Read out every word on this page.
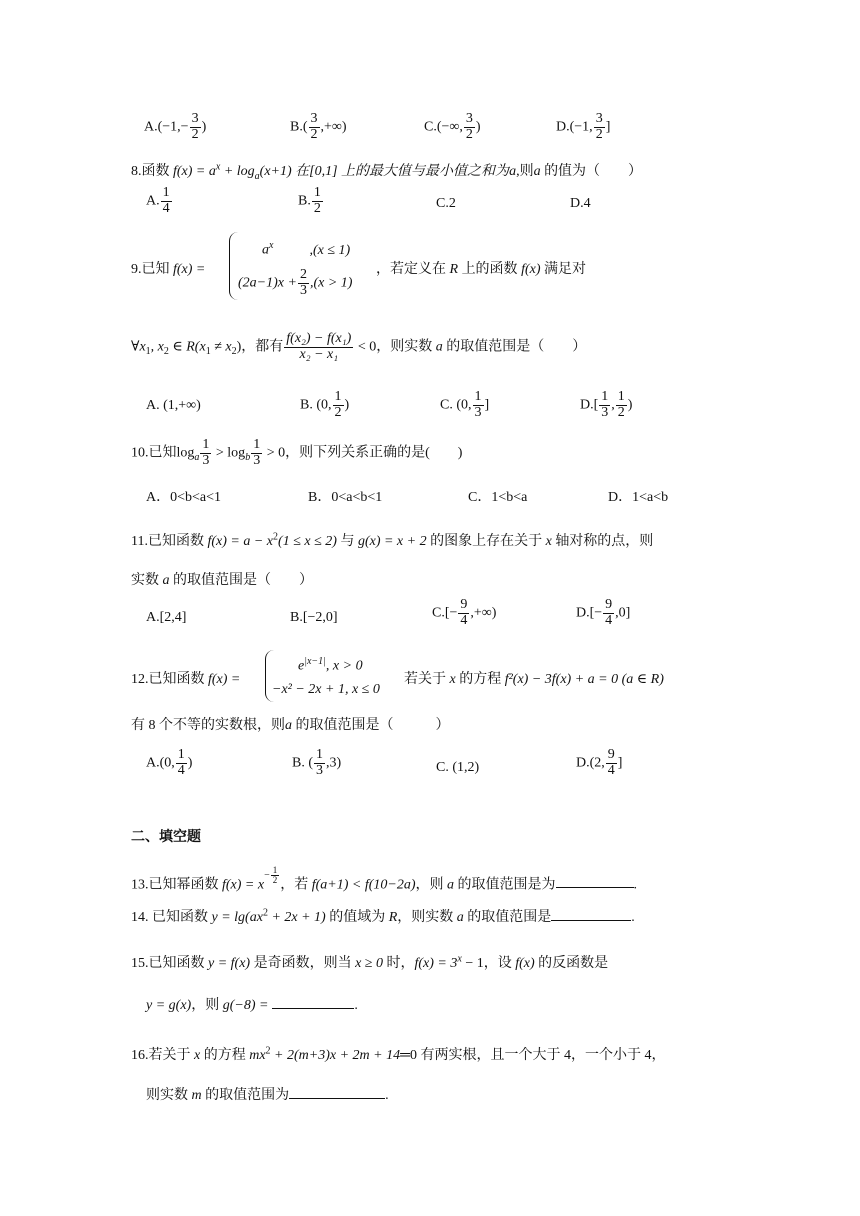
$A.(-1,- \frac{3}{2}$ )	$B.( \frac{3}{2}$ ,+∞)	C.(−∞, $\frac{3}{2}$ )	D.(−1, $\frac{3}{2}$ ]
8.函数 $f(x) = a^x + \log_a(x+1)$ 在[0,1] 上的最大值与最小值之和为a,则a 的值为（　　）
A. $\frac{1}{4}$	B. $\frac{1}{2}$	C.2	D.4
9.已知 f(x) =
$a^x$	,(x ≤ 1)
$(2a-1)x + \frac{2}{3} ,(x > 1)$
，若定义在 R 上的函数 f(x) 满足对
$\forall x_1$, $x_2$ ∈ $R(x_1 \ne x_2)$，都有 $\frac{\text{f(x₂) − f(x₁)}}{\text{x₂ − x₁}} < 0$，则实数 a 的取值范围是（　　）
A. (1,+∞)	B. (0, $\frac{1}{2}$ )	C. (0, $\frac{1}{3}$ ]	$D.[ \frac{1}{3}$ , $\frac{1}{2}$ )
10.已知$\log_a \frac{1}{3} > \log_b \frac{1}{3} > 0$，则下列关系正确的是(　　)
A．0<b<a<1	B．0<a<b<1	C．1<b<a	D．1<a<b
11.已知函数 $f(x) = a - x^2(1 \le x \le 2)$ 与 g(x) = x + 2 的图象上存在关于 x 轴对称的点，则
实数 a 的取值范围是（　　）
A.[2,4]	B.[−2,0]	$C.[- \frac{9}{4}$ ,+∞)	$D.[- \frac{9}{4} ,0]$
12.已知函数 f(x) =
$e^{|x-1|}$, x > 0
−x² − 2x + 1, x ≤ 0
若关于 x 的方程 f²(x) − 3f(x) + a = 0 (a ∈ R)
有 8 个不等的实数根，则a 的取值范围是（　　　）
A.(0, $\frac{1}{4}$ )	B. ( $\frac{1}{3} ,3$)	C. (1,2)	D.(2, $\frac{9}{4}$ ]
二、填空题
13.已知幂函数 f(x) = x
$^{- \frac{1}{2}}$ ，若 f(a+1) < f(10−2a)，则 a 的取值范围是为	.
14. 已知函数 $y = \lg(ax^2 + 2x + 1)$ 的值域为 R，则实数 a 的取值范围是	.
15.已知函数 y = f(x) 是奇函数，则当 x ≥ 0 时，$f(x) = 3^x - 1$，设 f(x) 的反函数是
y = g(x)，则 g(−8) =	.
16.若关于 x 的方程 $mx^2 + 2(m+3)x + 2m$ + 14═0 有两实根，且一个大于 4，一个小于 4，
则实数 m 的取值范围为	.
